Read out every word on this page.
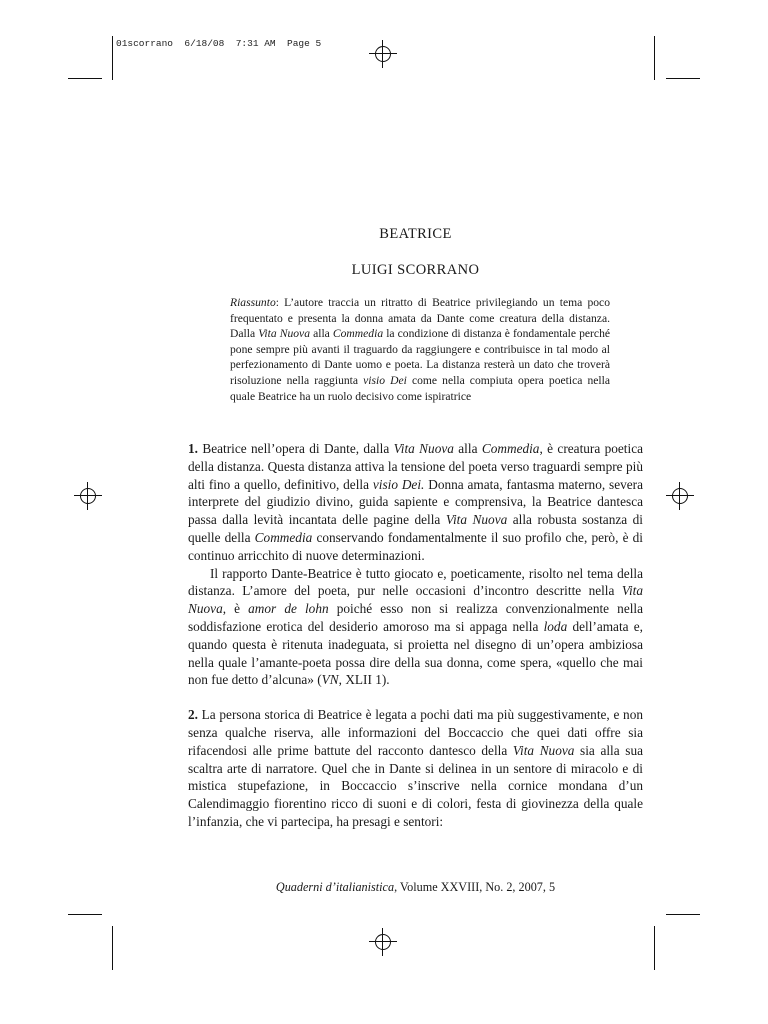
01scorrano  6/18/08  7:31 AM  Page 5
BEATRICE
LUIGI SCORRANO

Riassunto: L’autore traccia un ritratto di Beatrice privilegiando un tema poco frequentato e presenta la donna amata da Dante come creatura della distanza. Dalla Vita Nuova alla Commedia la condizione di distanza è fondamentale perché pone sempre più avanti il traguardo da raggiungere e contribuisce in tal modo al perfezionamento di Dante uomo e poeta. La distanza resterà un dato che troverà risoluzione nella raggiunta visio Dei come nella compiuta opera poetica nella quale Beatrice ha un ruolo decisivo come ispiratrice

1. Beatrice nell’opera di Dante, dalla Vita Nuova alla Commedia, è creatura poetica della distanza. Questa distanza attiva la tensione del poeta verso traguardi sempre più alti fino a quello, definitivo, della visio Dei. Donna amata, fantasma materno, severa interprete del giudizio divino, guida sapiente e comprensiva, la Beatrice dantesca passa dalla levità incantata delle pagine della Vita Nuova alla robusta sostanza di quelle della Commedia conservando fondamentalmente il suo profilo che, però, è di continuo arricchito di nuove determinazioni.

Il rapporto Dante-Beatrice è tutto giocato e, poeticamente, risolto nel tema della distanza. L’amore del poeta, pur nelle occasioni d’incontro descritte nella Vita Nuova, è amor de lohn poiché esso non si realizza convenzionalmente nella soddisfazione erotica del desiderio amoroso ma si appaga nella loda dell’amata e, quando questa è ritenuta inadeguata, si proietta nel disegno di un’opera ambiziosa nella quale l’amante-poeta possa dire della sua donna, come spera, «quello che mai non fue detto d’alcuna» (VN, XLII 1).

2. La persona storica di Beatrice è legata a pochi dati ma più suggestivamente, e non senza qualche riserva, alle informazioni del Boccaccio che quei dati offre sia rifacendosi alle prime battute del racconto dantesco della Vita Nuova sia alla sua scaltra arte di narratore. Quel che in Dante si delinea in un sentore di miracolo e di mistica stupefazione, in Boccaccio s’inscrive nella cornice mondana d’un Calendimaggio fiorentino ricco di suoni e di colori, festa di giovinezza della quale l’infanzia, che vi partecipa, ha presagi e sentori:

Quaderni d’italianistica, Volume XXVIII, No. 2, 2007, 5
